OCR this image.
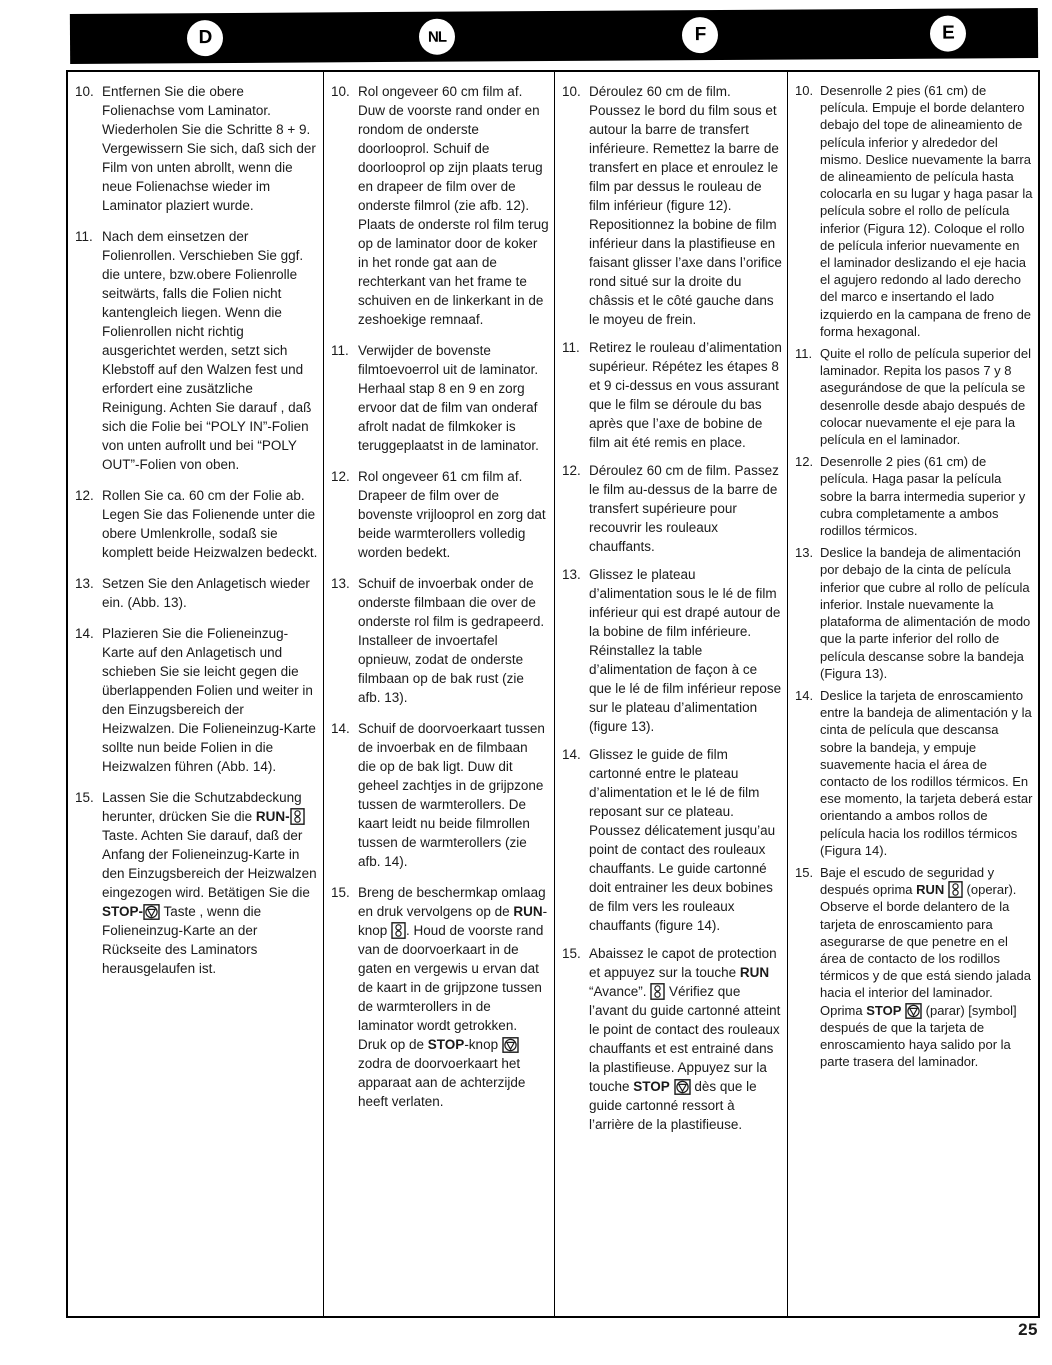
D	NL	F	E
10. Entfernen Sie die obere Folienachse vom Laminator. Wiederholen Sie die Schritte 8 + 9. Vergewissern Sie sich, daß sich der Film von unten abrollt, wenn die neue Folienachse wieder im Laminator plaziert wurde.
11. Nach dem einsetzen der Folienrollen. Verschieben Sie ggf. die untere, bzw.obere Folienrolle seitwärts, falls die Folien nicht kantengleich liegen. Wenn die Folienrollen nicht richtig ausgerichtet werden, setzt sich Klebstoff auf den Walzen fest und erfordert eine zusätzliche Reinigung. Achten Sie darauf , daß sich die Folie bei “POLY IN”-Folien von unten aufrollt und bei “POLY OUT”-Folien von oben.
12. Rollen Sie ca. 60 cm der Folie ab. Legen Sie das Folienende unter die obere Umlenkrolle, sodaß sie komplett beide Heizwalzen bedeckt.
13. Setzen Sie den Anlagetisch wieder ein. (Abb. 13).
14. Plazieren Sie die Folieneinzug-Karte auf den Anlagetisch und schieben Sie sie leicht gegen die überlappenden Folien und weiter in den Einzugsbereich der Heizwalzen. Die Folieneinzug-Karte sollte nun beide Folien in die Heizwalzen führen (Abb. 14).
15. Lassen Sie die Schutzabdeckung herunter, drücken Sie die RUN-
Taste. Achten Sie darauf, daß der Anfang der Folieneinzug-Karte in den Einzugsbereich der Heizwalzen eingezogen wird. Betätigen Sie die STOP-
Taste , wenn die Folieneinzug-Karte an der Rückseite des Laminators herausgelaufen ist.
10. Rol ongeveer 60 cm film af. Duw de voorste rand onder en rondom de onderste doorlooprol. Schuif de doorlooprol op zijn plaats terug en drapeer de film over de onderste filmrol (zie afb. 12). Plaats de onderste rol film terug op de laminator door de koker in het ronde gat aan de rechterkant van het frame te schuiven en de linkerkant in de zeshoekige remnaaf.
11. Verwijder de bovenste filmtoevoerrol uit de laminator. Herhaal stap 8 en 9 en zorg ervoor dat de film van onderaf afrolt nadat de filmkoker is teruggeplaatst in de laminator.
12. Rol ongeveer 61 cm film af. Drapeer de film over de bovenste vrijlooprol en zorg dat beide warmterollers volledig worden bedekt.
13. Schuif de invoerbak onder de onderste filmbaan die over de onderste rol film is gedrapeerd. Installeer de invoertafel opnieuw, zodat de onderste filmbaan op de bak rust (zie afb. 13).
14. Schuif de doorvoerkaart tussen de invoerbak en de filmbaan die op de bak ligt. Duw dit geheel zachtjes in de grijpzone tussen de warmterollers. De kaart leidt nu beide filmrollen tussen de warmterollers (zie afb. 14).
15. Breng de beschermkap omlaag en druk vervolgens op de RUN-knop
. Houd de voorste rand van de doorvoerkaart in de gaten en vergewis u ervan dat de kaart in de grijpzone tussen de warmterollers in de laminator wordt getrokken. Druk op de STOP-knop
zodra de doorvoerkaart het apparaat aan de achterzijde heeft verlaten.
10. Déroulez 60 cm de film. Poussez le bord du film sous et autour la barre de transfert inférieure. Remettez la barre de transfert en place et enroulez le film par dessus le rouleau de film inférieur (figure 12). Repositionnez la bobine de film inférieur dans la plastifieuse en faisant glisser l’axe dans l’orifice rond situé sur la droite du châssis et le côté gauche dans le moyeu de frein.
11. Retirez le rouleau d’alimentation supérieur. Répétez les étapes 8 et 9 ci-dessus en vous assurant que le film se déroule du bas après que l’axe de bobine de film ait été remis en place.
12. Déroulez 60 cm de film. Passez le film au-dessus de la barre de transfert supérieure pour recouvrir les rouleaux chauffants.
13. Glissez le plateau d’alimentation sous le lé de film inférieur qui est drapé autour de la bobine de film inférieure. Réinstallez la table d’alimentation de façon à ce que le lé de film inférieur repose sur le plateau d’alimentation (figure 13).
14. Glissez le guide de film cartonné entre le plateau d’alimentation et le lé de film reposant sur ce plateau. Poussez délicatement jusqu’au point de contact des rouleaux chauffants. Le guide cartonné doit entrainer les deux bobines de film vers les rouleaux chauffants (figure 14).
15. Abaissez le capot de protection et appuyez sur la touche RUN “Avance”.
Vérifiez que l’avant du guide cartonné atteint le point de contact des rouleaux chauffants et est entrainé dans la plastifieuse. Appuyez sur la touche STOP
dès que le guide cartonné ressort à l’arrière de la plastifieuse.
10. Desenrolle 2 pies (61 cm) de película. Empuje el borde delantero debajo del tope de alineamiento de película inferior y alrededor del mismo. Deslice nuevamente la barra de alineamiento de película hasta colocarla en su lugar y haga pasar la película sobre el rollo de película inferior (Figura 12). Coloque el rollo de película inferior nuevamente en el laminador deslizando el eje hacia el agujero redondo al lado derecho del marco e insertando el lado izquierdo en la campana de freno de forma hexagonal.
11. Quite el rollo de película superior del laminador. Repita los pasos 7 y 8 asegurándose de que la película se desenrolle desde abajo después de colocar nuevamente el eje para la película en el laminador.
12. Desenrolle 2 pies (61 cm) de película. Haga pasar la película sobre la barra intermedia superior y cubra completamente a ambos rodillos térmicos.
13. Deslice la bandeja de alimentación por debajo de la cinta de película inferior que cubre al rollo de película inferior. Instale nuevamente la plataforma de alimentación de modo que la parte inferior del rollo de película descanse sobre la bandeja (Figura 13).
14. Deslice la tarjeta de enroscamiento entre la bandeja de alimentación y la cinta de película que descansa sobre la bandeja, y empuje suavemente hacia el área de contacto de los rodillos térmicos. En ese momento, la tarjeta deberá estar orientando a ambos rollos de película hacia los rodillos térmicos (Figura 14).
15. Baje el escudo de seguridad y después oprima RUN
(operar). Observe el borde delantero de la tarjeta de enroscamiento para asegurarse de que penetre en el área de contacto de los rodillos térmicos y de que está siendo jalada hacia el interior del laminador. Oprima STOP
(parar) [symbol] después de que la tarjeta de enroscamiento haya salido por la parte trasera del laminador.
25
